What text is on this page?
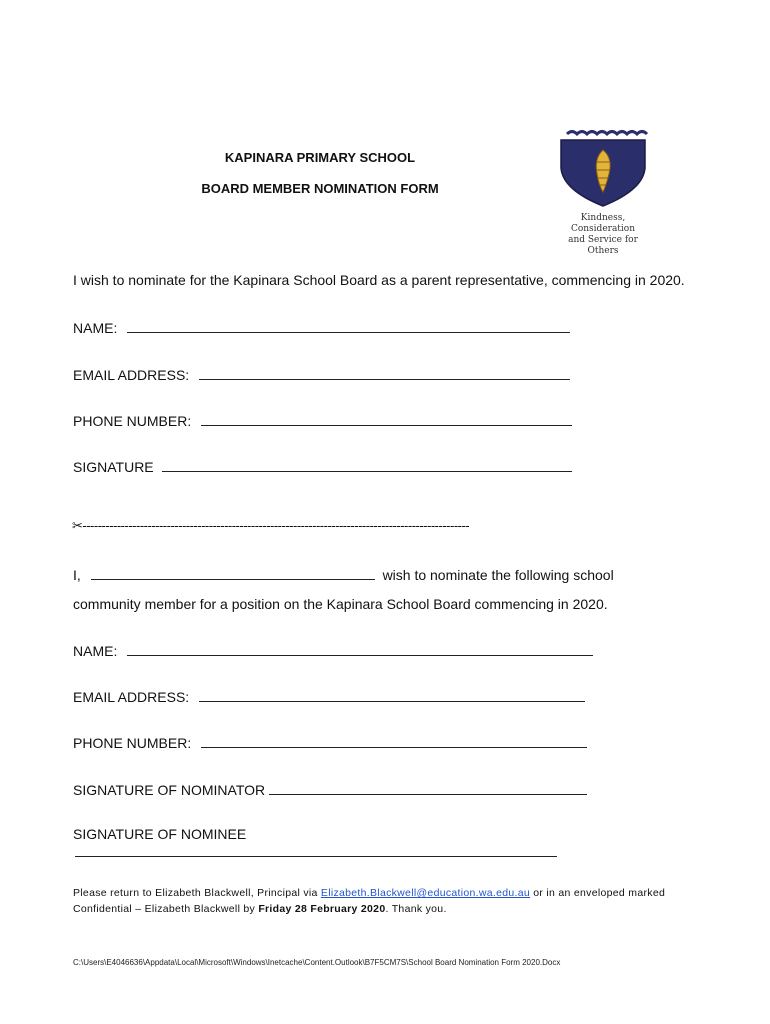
KAPINARA PRIMARY SCHOOL
BOARD MEMBER NOMINATION FORM
Kindness, Consideration
and Service for Others
I wish to nominate for the Kapinara School Board as a parent representative, commencing in 2020.
NAME:
EMAIL ADDRESS:
PHONE NUMBER:
SIGNATURE
✂-----------------------------------------------------------------------------------------------------
I,	wish to nominate the following school
community member for a position on the Kapinara School Board commencing in 2020.
NAME:
EMAIL ADDRESS:
PHONE NUMBER:
SIGNATURE OF NOMINATOR
SIGNATURE OF NOMINEE
Please return to Elizabeth Blackwell, Principal via Elizabeth.Blackwell@education.wa.edu.au or in an enveloped marked
Confidential – Elizabeth Blackwell by Friday 28 February 2020. Thank you.
C:\Users\E4046636\Appdata\Local\Microsoft\Windows\Inetcache\Content.Outlook\B7F5CM7S\School Board Nomination Form 2020.Docx
